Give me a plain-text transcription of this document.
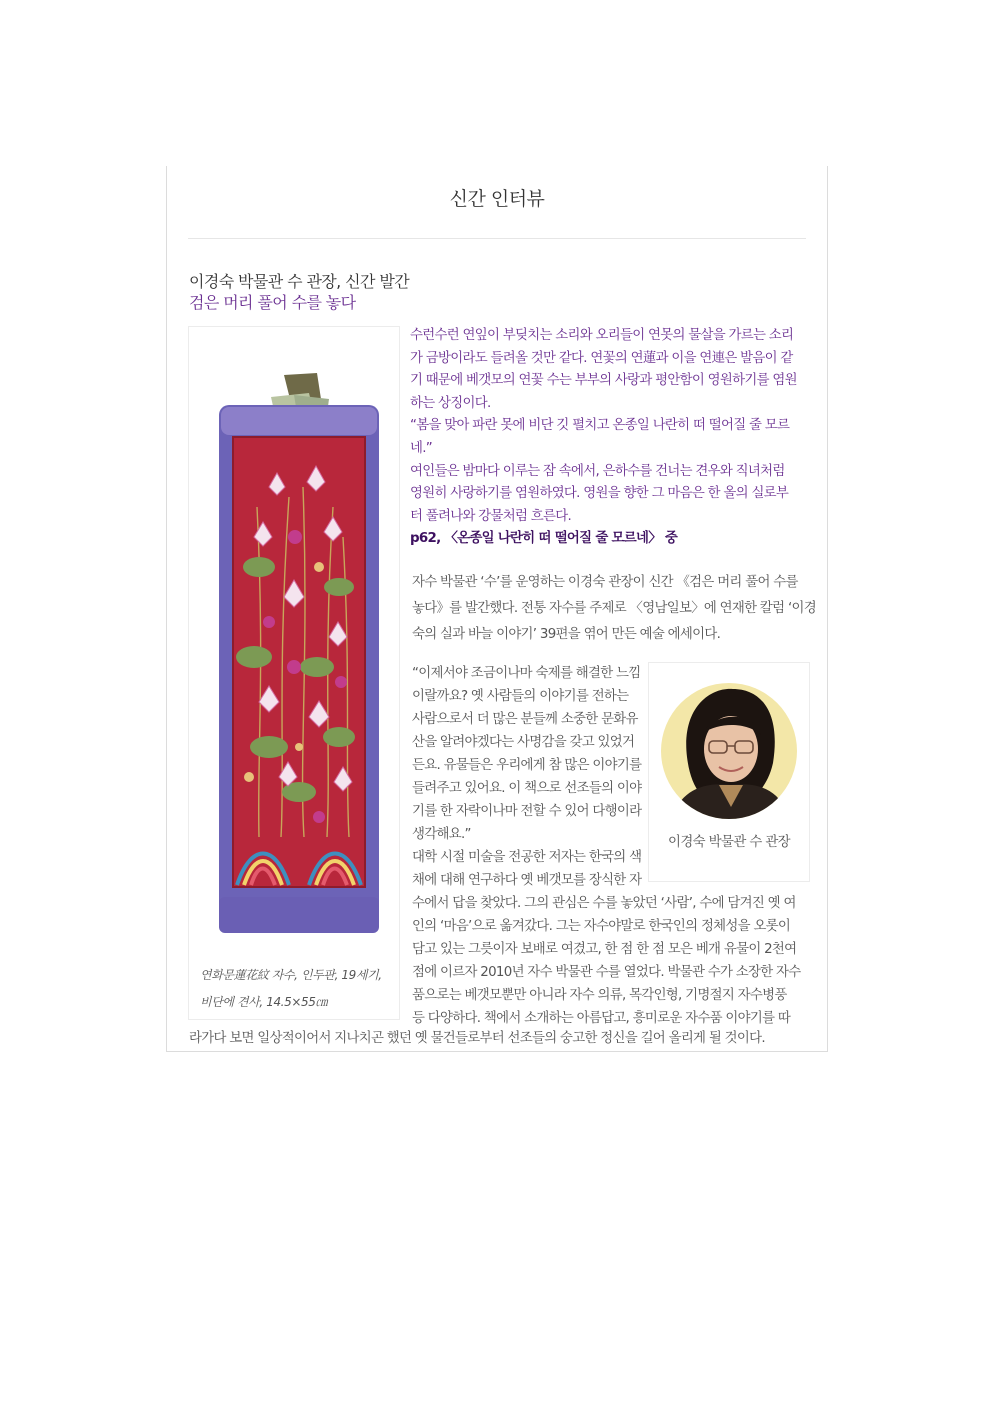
신간 인터뷰
이경숙 박물관 수 관장, 신간 발간
검은 머리 풀어 수를 놓다
연화문蓮花紋 자수, 인두판, 19세기,
비단에 견사, 14.5×55㎝
수런수런 연잎이 부딪치는 소리와 오리들이 연못의 물살을 가르는 소리
가 금방이라도 들려올 것만 같다. 연꽃의 연蓮과 이을 연連은 발음이 같
기 때문에 베갯모의 연꽃 수는 부부의 사랑과 평안함이 영원하기를 염원
하는 상징이다.
“봄을 맞아 파란 못에 비단 깃 펼치고 온종일 나란히 떠 떨어질 줄 모르
네.”
여인들은 밤마다 이루는 잠 속에서, 은하수를 건너는 견우와 직녀처럼
영원히 사랑하기를 염원하였다. 영원을 향한 그 마음은 한 올의 실로부
터 풀려나와 강물처럼 흐른다.
p62, 〈온종일 나란히 떠 떨어질 줄 모르네〉 중
자수 박물관 ‘수’를 운영하는 이경숙 관장이 신간 《검은 머리 풀어 수를
놓다》를 발간했다. 전통 자수를 주제로 〈영남일보〉에 연재한 칼럼 ‘이경
숙의 실과 바늘 이야기’ 39편을 엮어 만든 예술 에세이다.
“이제서야 조금이나마 숙제를 해결한 느낌
이랄까요? 옛 사람들의 이야기를 전하는
사람으로서 더 많은 분들께 소중한 문화유
산을 알려야겠다는 사명감을 갖고 있었거
든요. 유물들은 우리에게 참 많은 이야기를
들려주고 있어요. 이 책으로 선조들의 이야
기를 한 자락이나마 전할 수 있어 다행이라
생각해요.”
대학 시절 미술을 전공한 저자는 한국의 색
채에 대해 연구하다 옛 베갯모를 장식한 자
수에서 답을 찾았다. 그의 관심은 수를 놓았던 ‘사람’, 수에 담겨진 옛 여
인의 ‘마음’으로 옮겨갔다. 그는 자수야말로 한국인의 정체성을 오롯이
담고 있는 그릇이자 보배로 여겼고, 한 점 한 점 모은 베개 유물이 2천여
점에 이르자 2010년 자수 박물관 수를 열었다. 박물관 수가 소장한 자수
품으로는 베갯모뿐만 아니라 자수 의류, 목각인형, 기명절지 자수병풍
등 다양하다. 책에서 소개하는 아름답고, 흥미로운 자수품 이야기를 따
라가다 보면 일상적이어서 지나치곤 했던 옛 물건들로부터 선조들의 숭고한 정신을 길어 올리게 될 것이다.
이경숙 박물관 수 관장
